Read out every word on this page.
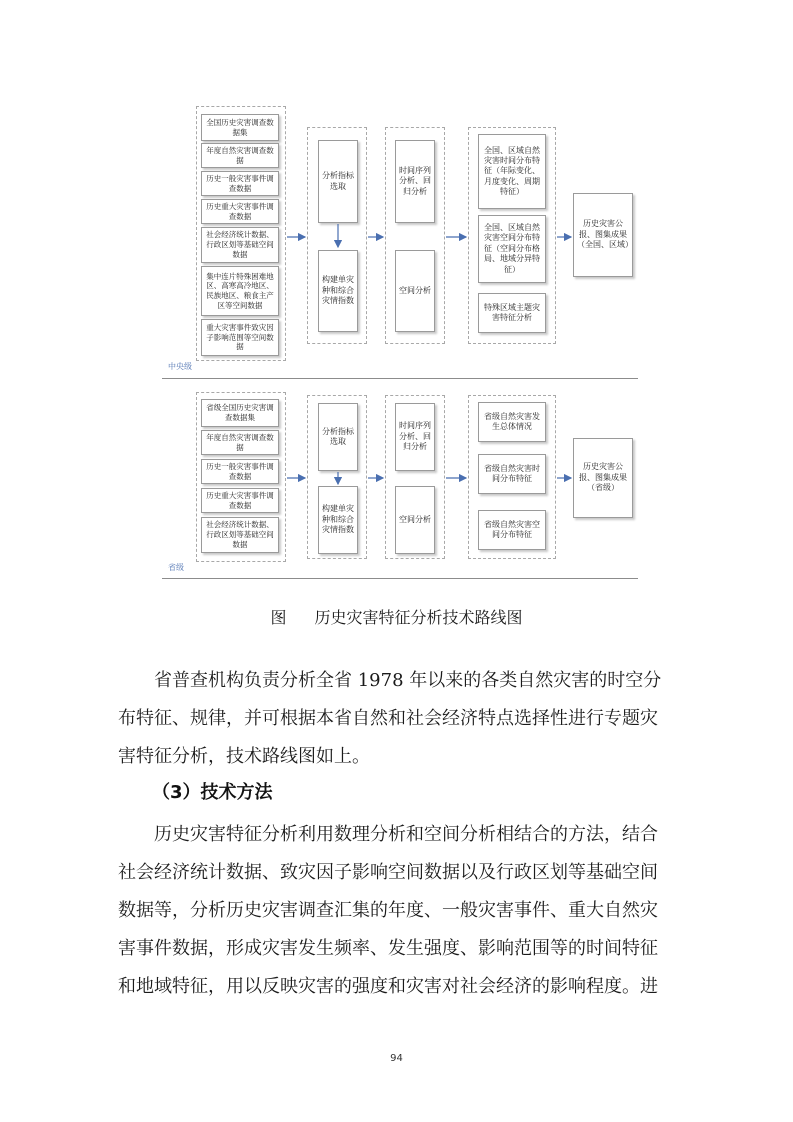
全国历史灾害调查数据集
年度自然灾害调查数据
历史一般灾害事件调查数据
历史重大灾害事件调查数据
社会经济统计数据、行政区划等基础空间数据
集中连片特殊困难地区、高寒高冷地区、民族地区、粮食主产区等空间数据
重大灾害事件致灾因子影响范围等空间数据
分析指标选取
构建单灾种和综合灾情指数
时间序列分析、回归分析
空间分析
全国、区域自然灾害时间分布特征（年际变化、月度变化、周期特征）
全国、区域自然灾害空间分布特征（空间分布格局、地域分异特征）
特殊区域主题灾害特征分析
历史灾害公报、图集成果（全国、区域）
中央级
省级全国历史灾害调查数据集
年度自然灾害调查数据
历史一般灾害事件调查数据
历史重大灾害事件调查数据
社会经济统计数据、行政区划等基础空间数据
分析指标选取
构建单灾种和综合灾情指数
时间序列分析、回归分析
空间分析
省级自然灾害发生总体情况
省级自然灾害时间分布特征
省级自然灾害空间分布特征
历史灾害公报、图集成果（省级）
省级
图 历史灾害特征分析技术路线图
省普查机构负责分析全省 1978 年以来的各类自然灾害的时空分
布特征、规律，并可根据本省自然和社会经济特点选择性进行专题灾
害特征分析，技术路线图如上。
（3）技术方法
历史灾害特征分析利用数理分析和空间分析相结合的方法，结合
社会经济统计数据、致灾因子影响空间数据以及行政区划等基础空间
数据等，分析历史灾害调查汇集的年度、一般灾害事件、重大自然灾
害事件数据，形成灾害发生频率、发生强度、影响范围等的时间特征
和地域特征，用以反映灾害的强度和灾害对社会经济的影响程度。进
94
